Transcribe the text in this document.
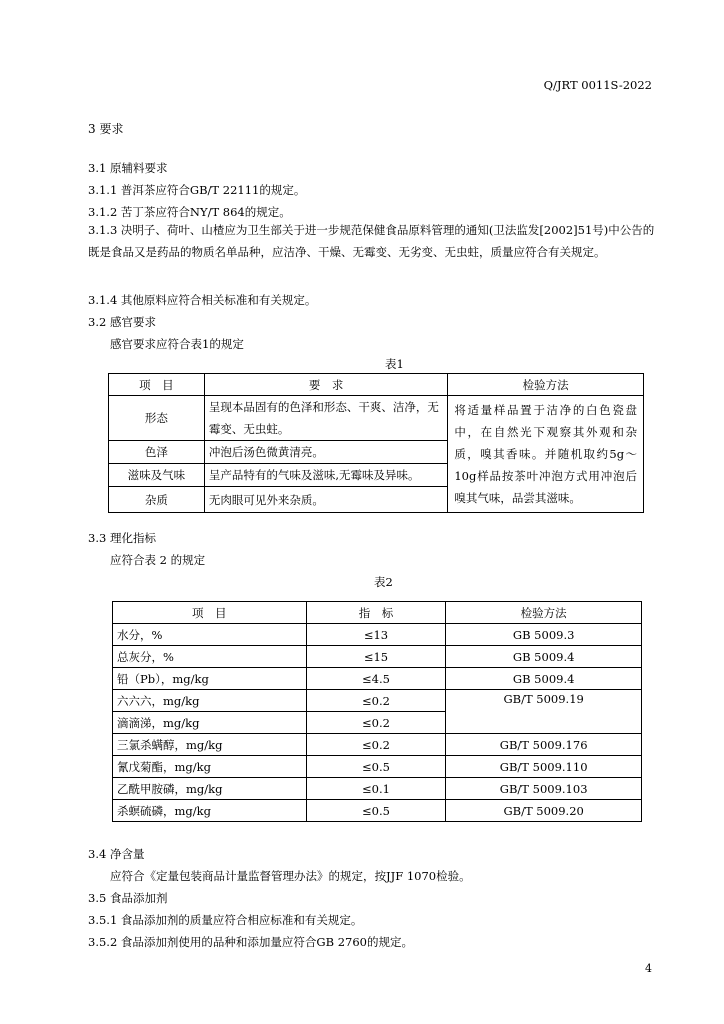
Q/JRT 0011S-2022
3 要求
3.1 原辅料要求
3.1.1 普洱茶应符合GB/T 22111的规定。
3.1.2 苦丁茶应符合NY/T 864的规定。
3.1.3 决明子、荷叶、山楂应为卫生部关于进一步规范保健食品原料管理的通知(卫法监发[2002]51号)中公告的既是食品又是药品的物质名单品种，应洁净、干燥、无霉变、无劣变、无虫蛀，质量应符合有关规定。
3.1.4 其他原料应符合相关标准和有关规定。
3.2 感官要求
感官要求应符合表1的规定
表1
项　目	要　求	检验方法
形态	呈现本品固有的色泽和形态、干爽、洁净，无霉变、无虫蛀。	将适量样品置于洁净的白色瓷盘中，在自然光下观察其外观和杂质，嗅其香味。并随机取约5g～10g样品按茶叶冲泡方式用冲泡后嗅其气味，品尝其滋味。
色泽	冲泡后汤色微黄清亮。	
滋味及气味	呈产品特有的气味及滋味,无霉味及异味。	
杂质	无肉眼可见外来杂质。	
3.3 理化指标
应符合表 2 的规定
表2
项　目	指　标	检验方法
水分，%	≤13	GB 5009.3
总灰分，%	≤15	GB 5009.4
铅（Pb），mg/kg	≤4.5	GB 5009.4
六六六，mg/kg	≤0.2	GB/T 5009.19
滴滴涕，mg/kg	≤0.2	
三氯杀螨醇，mg/kg	≤0.2	GB/T 5009.176
氰戊菊酯，mg/kg	≤0.5	GB/T 5009.110
乙酰甲胺磷，mg/kg	≤0.1	GB/T 5009.103
杀螟硫磷，mg/kg	≤0.5	GB/T 5009.20
3.4 净含量
应符合《定量包装商品计量监督管理办法》的规定，按JJF 1070检验。
3.5 食品添加剂
3.5.1 食品添加剂的质量应符合相应标准和有关规定。
3.5.2 食品添加剂使用的品种和添加量应符合GB 2760的规定。
4
